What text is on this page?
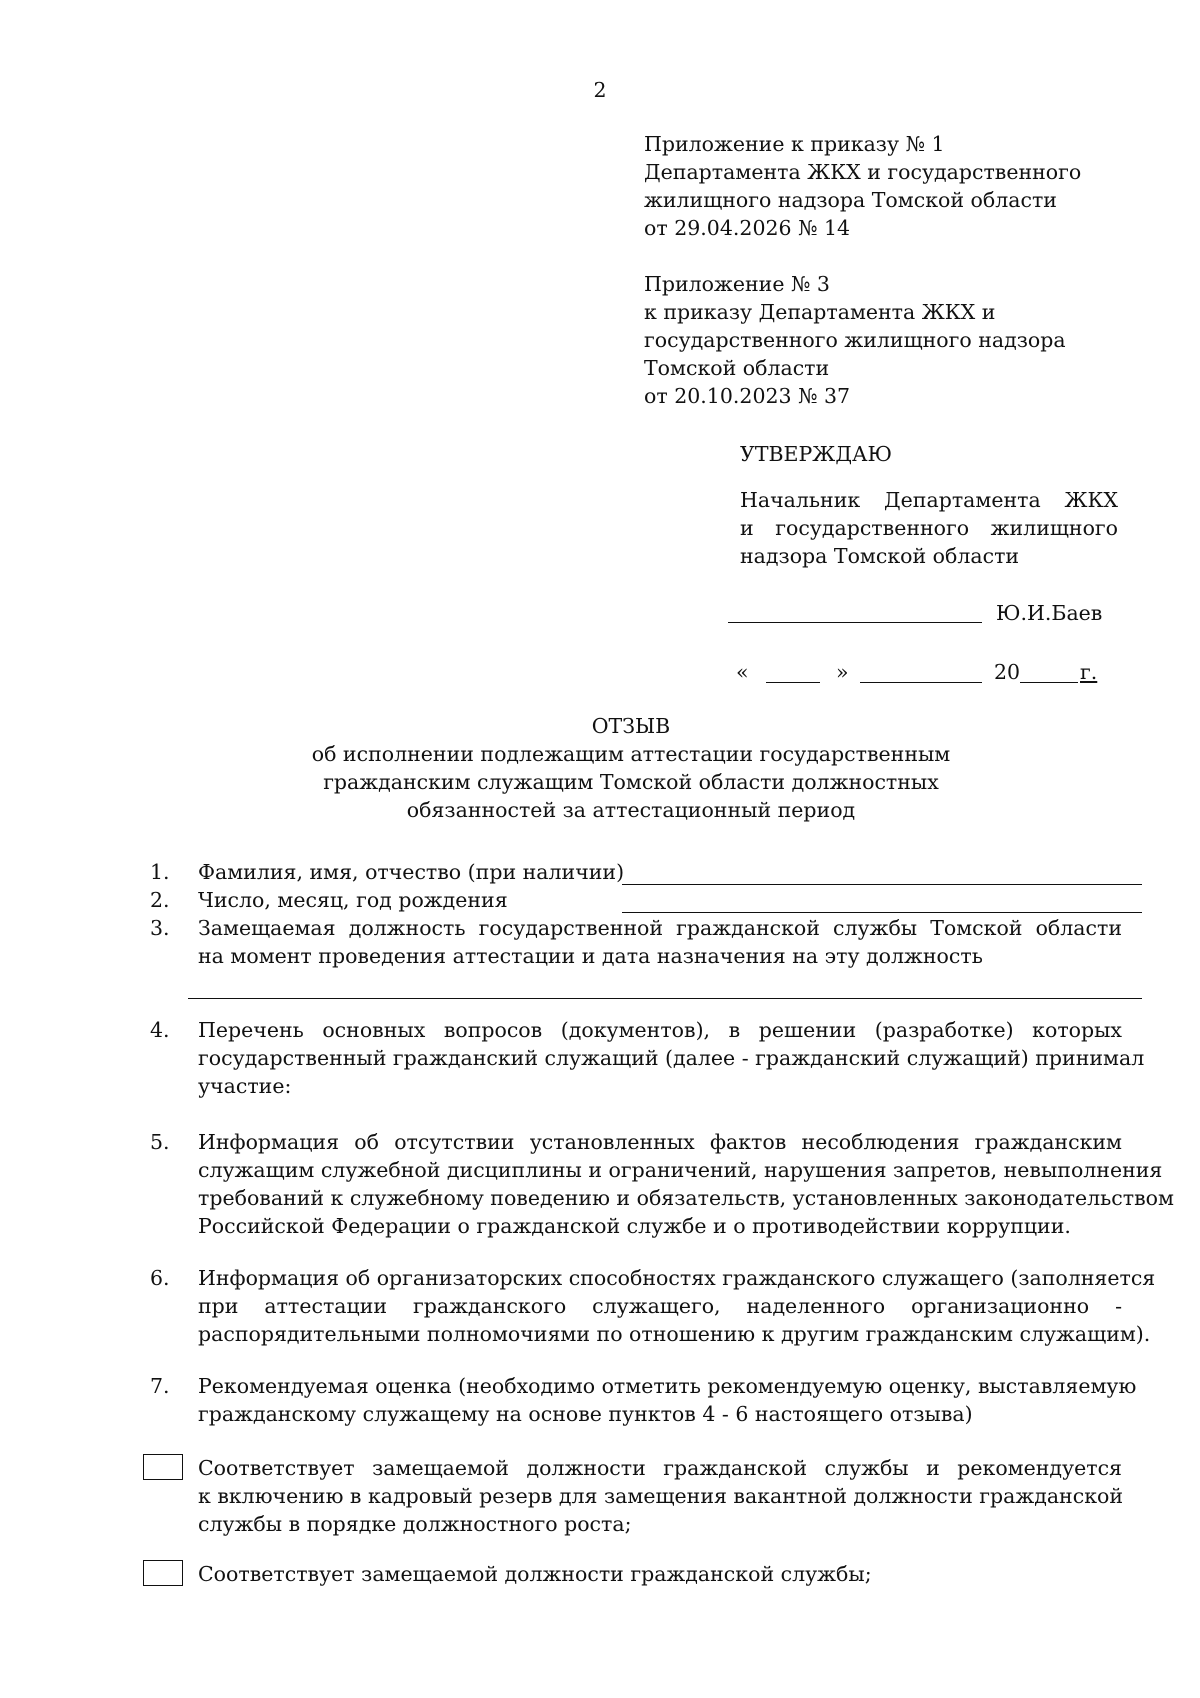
2
Приложение к приказу № 1
Департамента ЖКХ и государственного
жилищного надзора Томской области
от 29.04.2026 № 14
Приложение № 3
к приказу Департамента ЖКХ и
государственного жилищного надзора
Томской области
от 20.10.2023 № 37
УТВЕРЖДАЮ
Начальник Департамента ЖКХ
и государственного жилищного
надзора Томской области
Ю.И.Баев
«	»	20	г.
ОТЗЫВ
об исполнении подлежащим аттестации государственным
гражданским служащим Томской области должностных
обязанностей за аттестационный период
1.	Фамилия, имя, отчество (при наличии)
2.	Число, месяц, год рождения
3.	Замещаемая должность государственной гражданской службы Томской области
на момент проведения аттестации и дата назначения на эту должность
4.	Перечень основных вопросов (документов), в решении (разработке) которых
государственный гражданский служащий (далее - гражданский служащий) принимал
участие:
5.	Информация об отсутствии установленных фактов несоблюдения гражданским
служащим служебной дисциплины и ограничений, нарушения запретов, невыполнения
требований к служебному поведению и обязательств, установленных законодательством
Российской Федерации о гражданской службе и о противодействии коррупции.
6.	Информация об организаторских способностях гражданского служащего (заполняется
при аттестации гражданского служащего, наделенного организационно -
распорядительными полномочиями по отношению к другим гражданским служащим).
7.	Рекомендуемая оценка (необходимо отметить рекомендуемую оценку, выставляемую
гражданскому служащему на основе пунктов 4 - 6 настоящего отзыва)
Соответствует замещаемой должности гражданской службы и рекомендуется
к включению в кадровый резерв для замещения вакантной должности гражданской
службы в порядке должностного роста;
Соответствует замещаемой должности гражданской службы;
